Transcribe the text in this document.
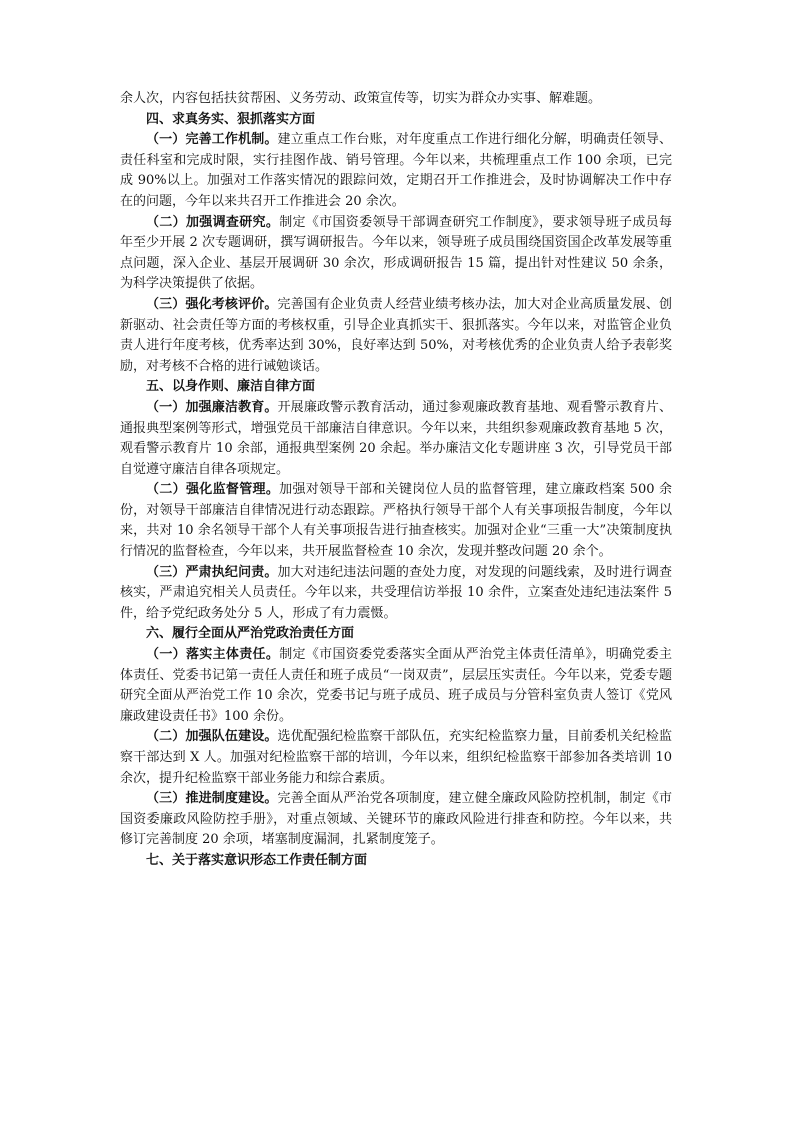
余人次，内容包括扶贫帮困、义务劳动、政策宣传等，切实为群众办实事、解难题。

四、求真务实、狠抓落实方面

（一）完善工作机制。建立重点工作台账，对年度重点工作进行细化分解，明确责任领导、责任科室和完成时限，实行挂图作战、销号管理。今年以来，共梳理重点工作 100 余项，已完成 90%以上。加强对工作落实情况的跟踪问效，定期召开工作推进会，及时协调解决工作中存在的问题，今年以来共召开工作推进会 20 余次。

（二）加强调查研究。制定《市国资委领导干部调查研究工作制度》，要求领导班子成员每年至少开展 2 次专题调研，撰写调研报告。今年以来，领导班子成员围绕国资国企改革发展等重点问题，深入企业、基层开展调研 30 余次，形成调研报告 15 篇，提出针对性建议 50 余条，为科学决策提供了依据。

（三）强化考核评价。完善国有企业负责人经营业绩考核办法，加大对企业高质量发展、创新驱动、社会责任等方面的考核权重，引导企业真抓实干、狠抓落实。今年以来，对监管企业负责人进行年度考核，优秀率达到 30%，良好率达到 50%，对考核优秀的企业负责人给予表彰奖励，对考核不合格的进行诫勉谈话。

五、以身作则、廉洁自律方面

（一）加强廉洁教育。开展廉政警示教育活动，通过参观廉政教育基地、观看警示教育片、通报典型案例等形式，增强党员干部廉洁自律意识。今年以来，共组织参观廉政教育基地 5 次，观看警示教育片 10 余部，通报典型案例 20 余起。举办廉洁文化专题讲座 3 次，引导党员干部自觉遵守廉洁自律各项规定。

（二）强化监督管理。加强对领导干部和关键岗位人员的监督管理，建立廉政档案 500 余份，对领导干部廉洁自律情况进行动态跟踪。严格执行领导干部个人有关事项报告制度，今年以来，共对 10 余名领导干部个人有关事项报告进行抽查核实。加强对企业“三重一大”决策制度执行情况的监督检查，今年以来，共开展监督检查 10 余次，发现并整改问题 20 余个。

（三）严肃执纪问责。加大对违纪违法问题的查处力度，对发现的问题线索，及时进行调查核实，严肃追究相关人员责任。今年以来，共受理信访举报 10 余件，立案查处违纪违法案件 5 件，给予党纪政务处分 5 人，形成了有力震慑。

六、履行全面从严治党政治责任方面

（一）落实主体责任。制定《市国资委党委落实全面从严治党主体责任清单》，明确党委主体责任、党委书记第一责任人责任和班子成员“一岗双责”，层层压实责任。今年以来，党委专题研究全面从严治党工作 10 余次，党委书记与班子成员、班子成员与分管科室负责人签订《党风廉政建设责任书》100 余份。

（二）加强队伍建设。选优配强纪检监察干部队伍，充实纪检监察力量，目前委机关纪检监察干部达到 X 人。加强对纪检监察干部的培训，今年以来，组织纪检监察干部参加各类培训 10 余次，提升纪检监察干部业务能力和综合素质。

（三）推进制度建设。完善全面从严治党各项制度，建立健全廉政风险防控机制，制定《市国资委廉政风险防控手册》，对重点领域、关键环节的廉政风险进行排查和防控。今年以来，共修订完善制度 20 余项，堵塞制度漏洞，扎紧制度笼子。

七、关于落实意识形态工作责任制方面
